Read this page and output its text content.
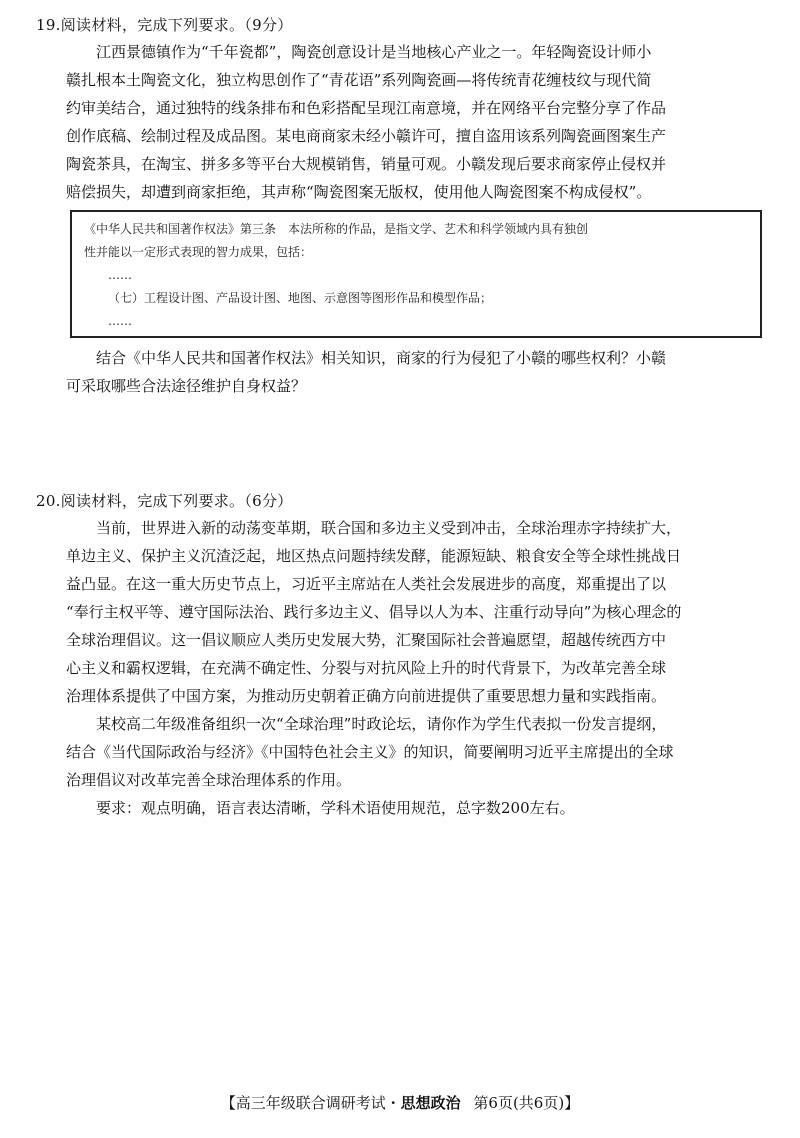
19.阅读材料，完成下列要求。（9分）
江西景德镇作为“千年瓷都”，陶瓷创意设计是当地核心产业之一。年轻陶瓷设计师小
赣扎根本土陶瓷文化，独立构思创作了“青花语”系列陶瓷画—将传统青花缠枝纹与现代简
约审美结合，通过独特的线条排布和色彩搭配呈现江南意境，并在网络平台完整分享了作品
创作底稿、绘制过程及成品图。某电商商家未经小赣许可，擅自盗用该系列陶瓷画图案生产
陶瓷茶具，在淘宝、拼多多等平台大规模销售，销量可观。小赣发现后要求商家停止侵权并
赔偿损失，却遭到商家拒绝，其声称“陶瓷图案无版权，使用他人陶瓷图案不构成侵权”。

《中华人民共和国著作权法》第三条　本法所称的作品，是指文学、艺术和科学领域内具有独创

性并能以一定形式表现的智力成果，包括：

……

（七）工程设计图、产品设计图、地图、示意图等图形作品和模型作品；

……

结合《中华人民共和国著作权法》相关知识，商家的行为侵犯了小赣的哪些权利？小赣
可采取哪些合法途径维护自身权益？
20.阅读材料，完成下列要求。（6分）
当前，世界进入新的动荡变革期，联合国和多边主义受到冲击，全球治理赤字持续扩大，
单边主义、保护主义沉渣泛起，地区热点问题持续发酵，能源短缺、粮食安全等全球性挑战日
益凸显。在这一重大历史节点上，习近平主席站在人类社会发展进步的高度，郑重提出了以
“奉行主权平等、遵守国际法治、践行多边主义、倡导以人为本、注重行动导向”为核心理念的
全球治理倡议。这一倡议顺应人类历史发展大势，汇聚国际社会普遍愿望，超越传统西方中
心主义和霸权逻辑，在充满不确定性、分裂与对抗风险上升的时代背景下，为改革完善全球
治理体系提供了中国方案，为推动历史朝着正确方向前进提供了重要思想力量和实践指南。
某校高二年级准备组织一次“全球治理”时政论坛，请你作为学生代表拟一份发言提纲，
结合《当代国际政治与经济》《中国特色社会主义》的知识，简要阐明习近平主席提出的全球
治理倡议对改革完善全球治理体系的作用。
要求：观点明确，语言表达清晰，学科术语使用规范，总字数200左右。
【高三年级联合调研考试 · 思想政治 第6页(共6页)】
